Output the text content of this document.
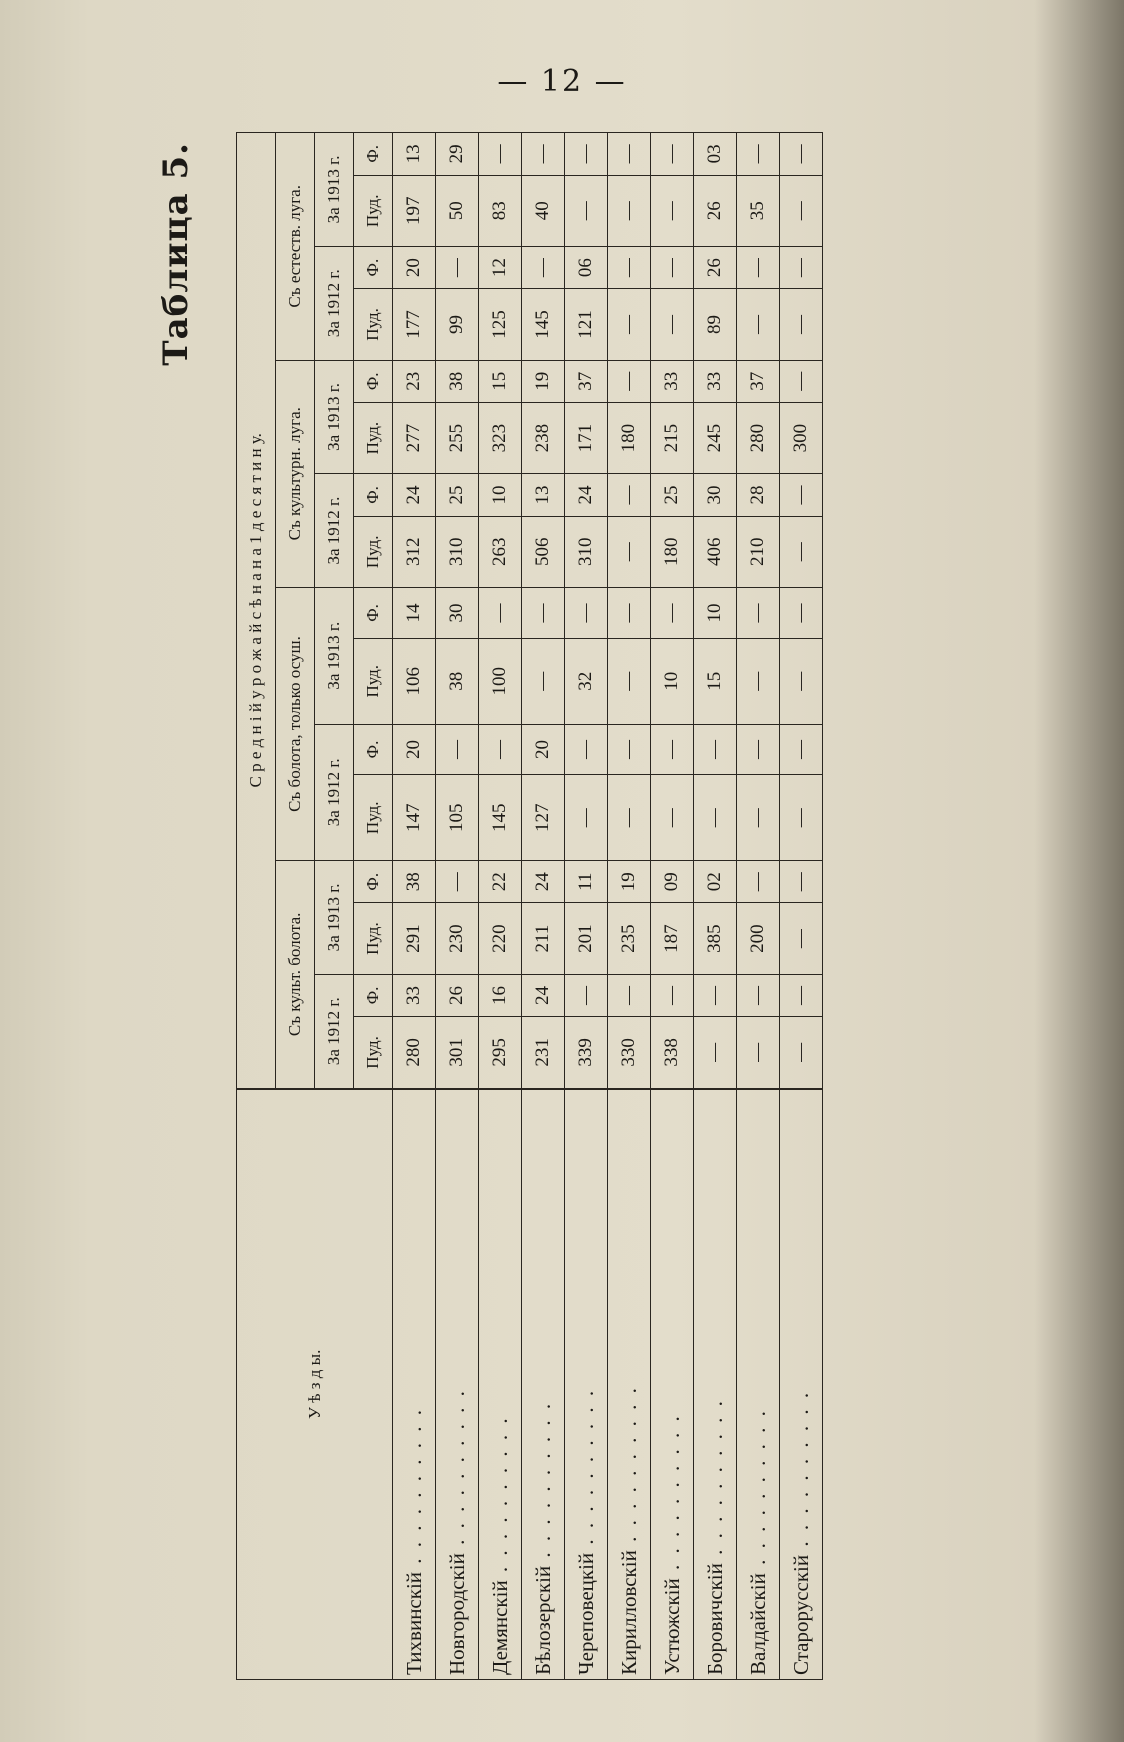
— 12 —
Таблица 5.
У ѣ з д ы.	С р е д н і й у р о ж а й с ѣ н а н а 1 д е с я т и н у.															
	Съ культ. болота.				Съ болота, только осуш.				Съ культурн. луга.				Съ естеств. луга.			
	За 1912 г.		За 1913 г.		За 1912 г.		За 1913 г.		За 1912 г.		За 1913 г.		За 1912 г.		За 1913 г.	
	Пуд.	Ф.	Пуд.	Ф.	Пуд.	Ф.	Пуд.	Ф.	Пуд.	Ф.	Пуд.	Ф.	Пуд.	Ф.	Пуд.	Ф.
Тихвинскій . . . . . . . . . .	280	33	291	38	147	20	106	14	312	24	277	23	177	20	197	13
Новгородскій . . . . . . . . . .	301	26	230	—	105	—	38	30	310	25	255	38	99	—	50	29
Демянскій . . . . . . . . . .	295	16	220	22	145	—	100	—	263	10	323	15	125	12	83	—
Бѣлозерскій . . . . . . . . . .	231	24	211	24	127	20	—	—	506	13	238	19	145	—	40	—
Череповецкій . . . . . . . . . .	339	—	201	11	—	—	32	—	310	24	171	37	121	06	—	—
Кирилловскій . . . . . . . . . .	330	—	235	19	—	—	—	—	—	—	180	—	—	—	—	—
Устюжскій . . . . . . . . . .	338	—	187	09	—	—	10	—	180	25	215	33	—	—	—	—
Боровичскій . . . . . . . . . .	—	—	385	02	—	—	15	10	406	30	245	33	89	26	26	03
Валдайскій . . . . . . . . . .	—	—	200	—	—	—	—	—	210	28	280	37	—	—	35	—
Старорусскій . . . . . . . . . .	—	—	—	—	—	—	—	—	—	—	300	—	—	—	—	—
